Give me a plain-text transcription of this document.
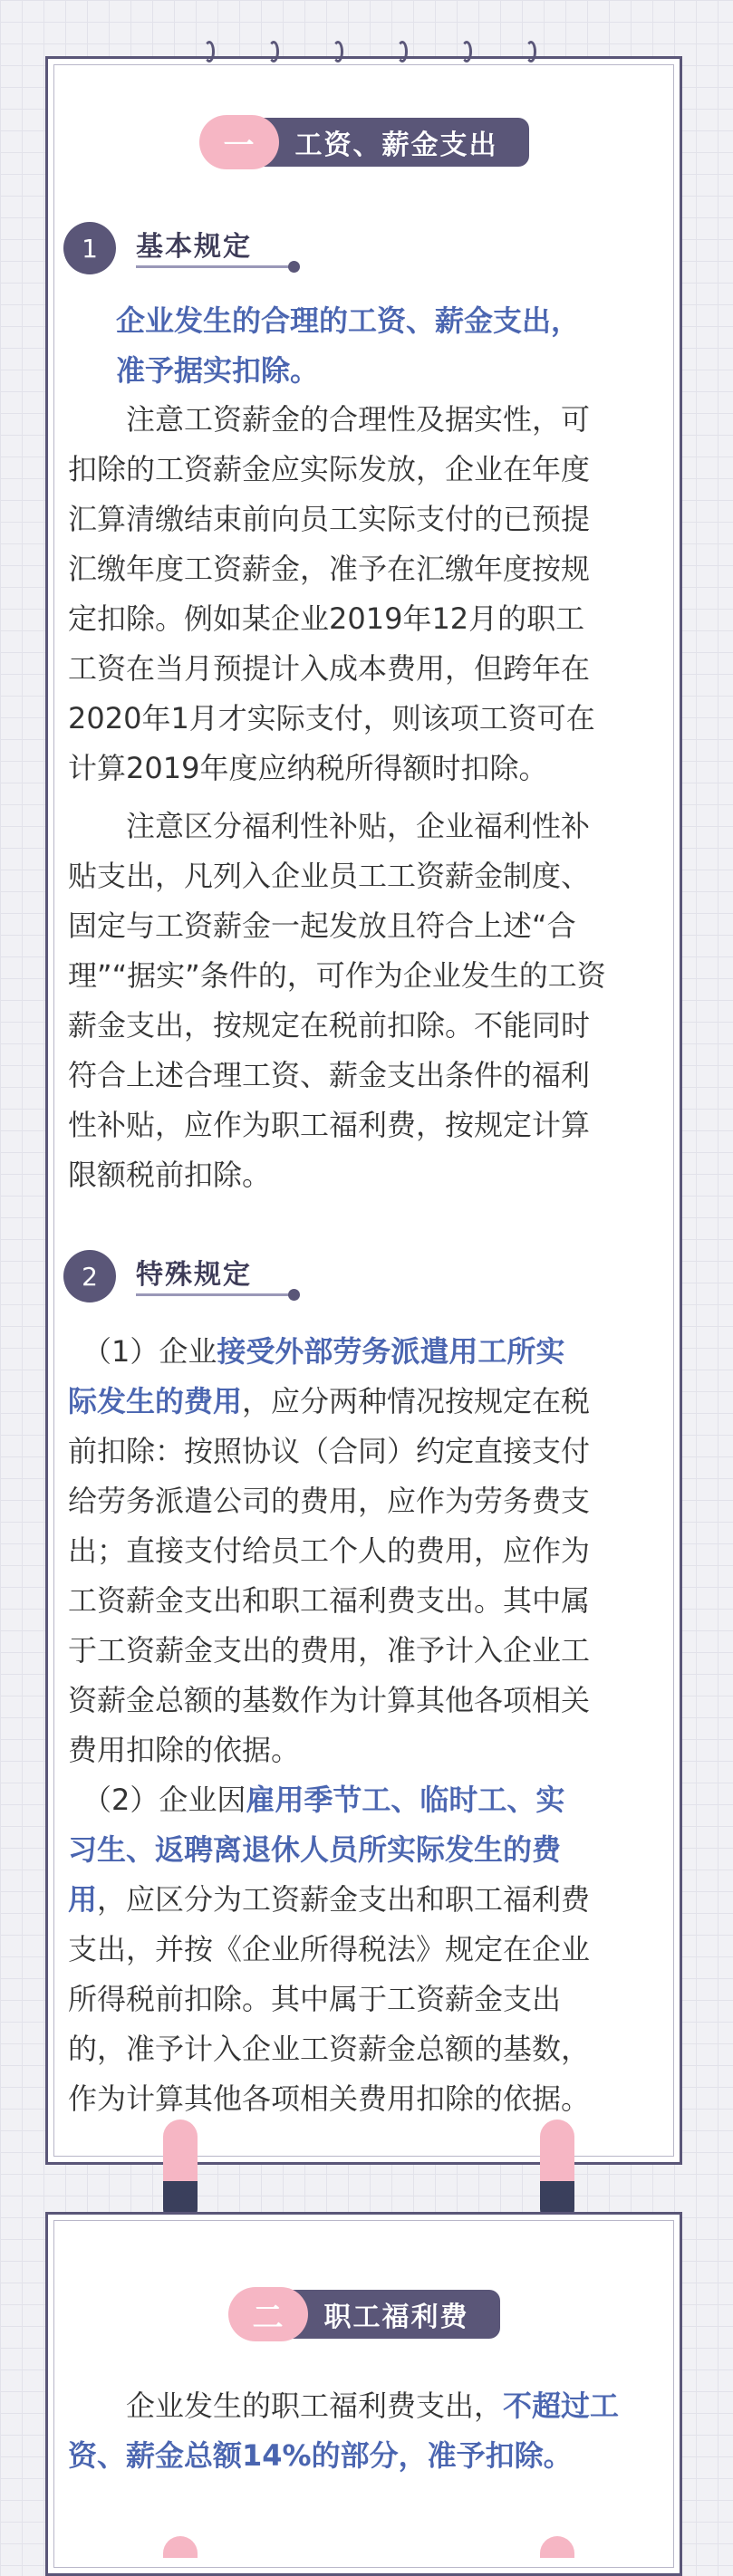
一	工资、薪金支出
1	基本规定

企业发生的合理的工资、薪金支出，
准予据实扣除。

　　注意工资薪金的合理性及据实性，可
扣除的工资薪金应实际发放，企业在年度
汇算清缴结束前向员工实际支付的已预提
汇缴年度工资薪金，准予在汇缴年度按规
定扣除。例如某企业2019年12月的职工
工资在当月预提计入成本费用，但跨年在
2020年1月才实际支付，则该项工资可在
计算2019年度应纳税所得额时扣除。

　　注意区分福利性补贴，企业福利性补
贴支出，凡列入企业员工工资薪金制度、
固定与工资薪金一起发放且符合上述“合
理”“据实”条件的，可作为企业发生的工资
薪金支出，按规定在税前扣除。不能同时
符合上述合理工资、薪金支出条件的福利
性补贴，应作为职工福利费，按规定计算
限额税前扣除。

2	特殊规定

　（1）企业接受外部劳务派遣用工所实
际发生的费用，应分两种情况按规定在税
前扣除：按照协议（合同）约定直接支付
给劳务派遣公司的费用，应作为劳务费支
出；直接支付给员工个人的费用，应作为
工资薪金支出和职工福利费支出。其中属
于工资薪金支出的费用，准予计入企业工
资薪金总额的基数作为计算其他各项相关
费用扣除的依据。

　（2）企业因雇用季节工、临时工、实
习生、返聘离退休人员所实际发生的费
用，应区分为工资薪金支出和职工福利费
支出，并按《企业所得税法》规定在企业
所得税前扣除。其中属于工资薪金支出
的，准予计入企业工资薪金总额的基数，
作为计算其他各项相关费用扣除的依据。

二	职工福利费

　　企业发生的职工福利费支出，不超过工
资、薪金总额14%的部分，准予扣除。
